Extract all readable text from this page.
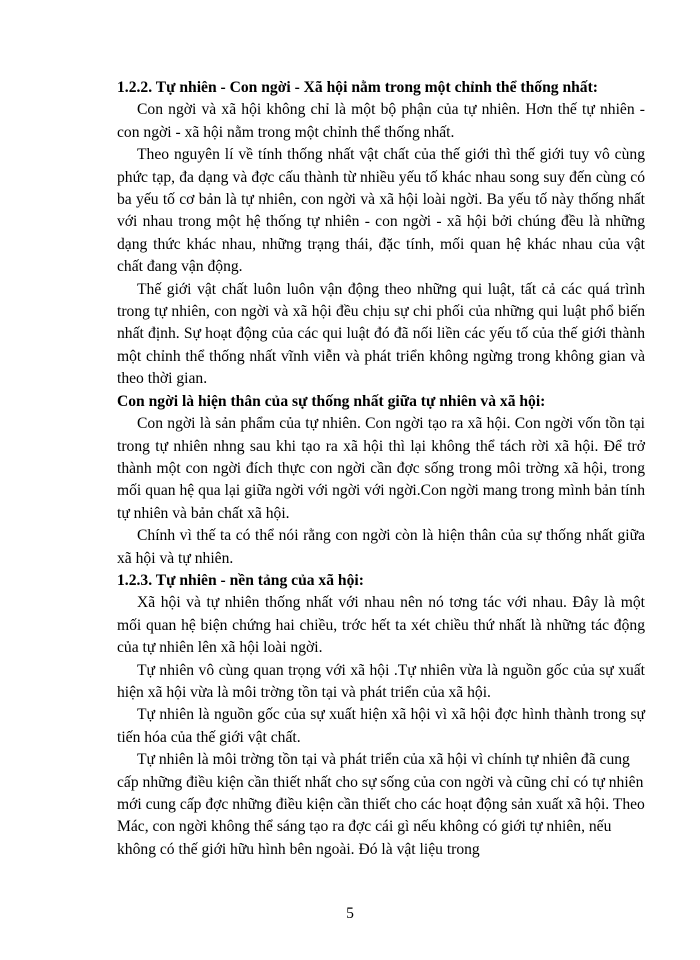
1.2.2. Tự nhiên - Con ngời - Xã hội nằm trong một chỉnh thể thống nhất:

Con ngời và xã hội không chỉ là một bộ phận của tự nhiên. Hơn thế tự nhiên - con ngời - xã hội nằm trong một chỉnh thể thống nhất.

Theo nguyên lí về tính thống nhất vật chất của thế giới thì thế giới tuy vô cùng phức tạp, đa dạng và đợc cấu thành từ nhiều yếu tố khác nhau song suy đến cùng có ba yếu tố cơ bản là tự nhiên, con ngời và xã hội loài ngời. Ba yếu tố này thống nhất với nhau trong một hệ thống tự nhiên - con ngời - xã hội bởi chúng đều là những dạng thức khác nhau, những trạng thái, đặc tính, mối quan hệ khác nhau của vật chất đang vận động.

Thế giới vật chất luôn luôn vận động theo những qui luật, tất cả các quá trình trong tự nhiên, con ngời và xã hội đều chịu sự chi phối của những qui luật phổ biến nhất định. Sự hoạt động của các qui luật đó đã nối liền các yếu tố của thế giới thành một chỉnh thể thống nhất vĩnh viễn và phát triển không ngừng trong không gian và theo thời gian.

Con ngời là hiện thân của sự thống nhất giữa tự nhiên và xã hội:

Con ngời là sản phẩm của tự nhiên. Con ngời tạo ra xã hội. Con ngời vốn tồn tại trong tự nhiên nhng sau khi tạo ra xã hội thì lại không thể tách rời xã hội. Để trở thành một con ngời đích thực con ngời cần đợc sống trong môi trờng xã hội, trong mối quan hệ qua lại giữa ngời với ngời với ngời.Con ngời mang trong mình bản tính tự nhiên và bản chất xã hội.

Chính vì thế ta có thể nói rằng con ngời còn là hiện thân của sự thống nhất giữa xã hội và tự nhiên.

1.2.3. Tự nhiên - nền tảng của xã hội:

Xã hội và tự nhiên thống nhất với nhau nên nó tơng tác với nhau. Đây là một mối quan hệ biện chứng hai chiều, trớc hết ta xét chiều thứ nhất là những tác động của tự nhiên lên xã hội loài ngời.

Tự nhiên vô cùng quan trọng với xã hội .Tự nhiên vừa là nguồn gốc của sự xuất hiện xã hội vừa là môi trờng tồn tại và phát triển của xã hội.

Tự nhiên là nguồn gốc của sự xuất hiện xã hội vì xã hội đợc hình thành trong sự tiến hóa của thế giới vật chất.

Tự nhiên là môi trờng tồn tại và phát triển của xã hội vì chính tự nhiên đã cung cấp những điều kiện cần thiết nhất cho sự sống của con ngời và cũng chỉ có tự nhiên mới cung cấp đợc những điều kiện cần thiết cho các hoạt động sản xuất xã hội. Theo Mác, con ngời không thể sáng tạo ra đợc cái gì nếu không có giới tự nhiên, nếu không có thế giới hữu hình bên ngoài. Đó là vật liệu trong

5
